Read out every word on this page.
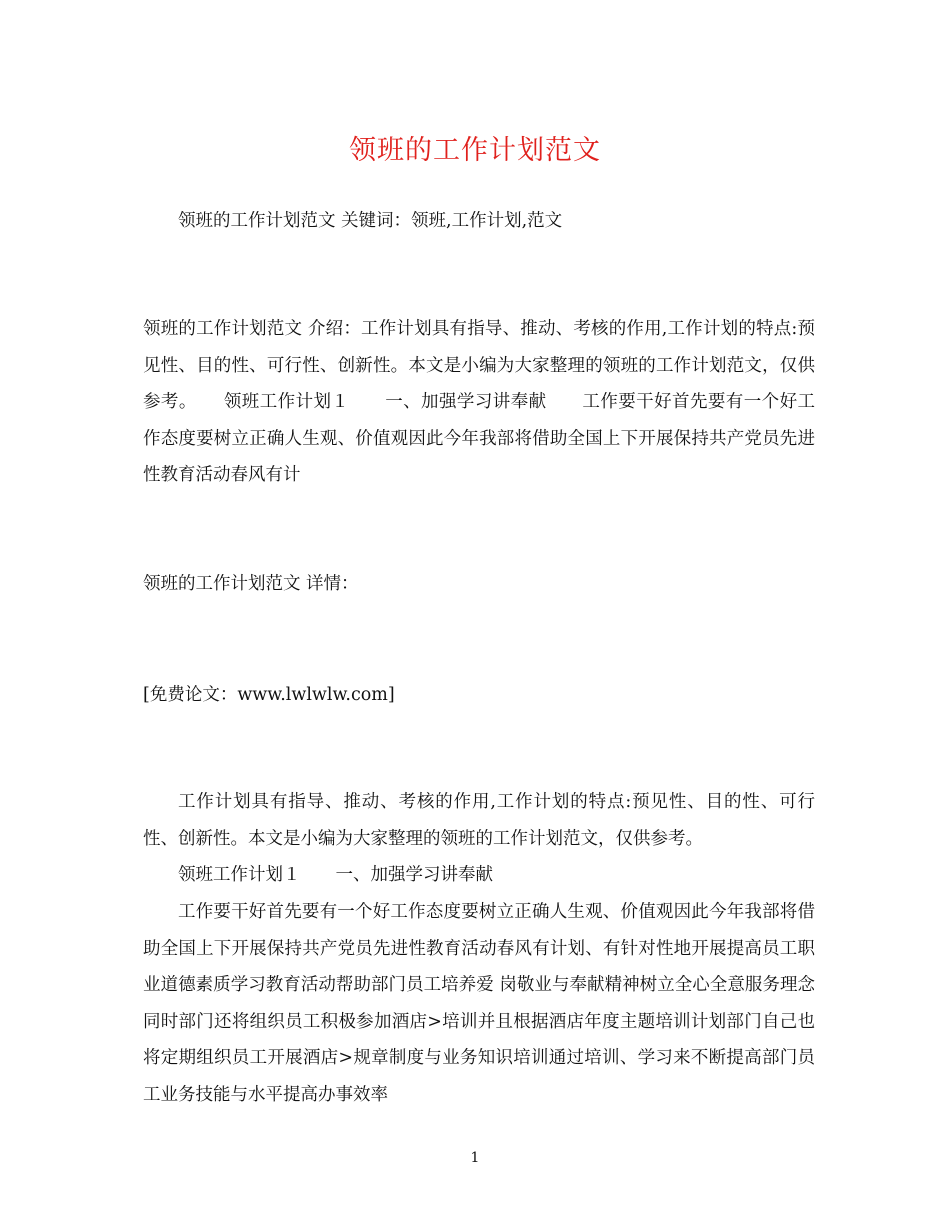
领班的工作计划范文
领班的工作计划范文 关键词：领班,工作计划,范文
领班的工作计划范文 介绍：工作计划具有指导、推动、考核的作用,工作计划的特点:预见性、目的性、可行性、创新性。本文是小编为大家整理的领班的工作计划范文，仅供参考。　　领班工作计划１　　一、加强学习讲奉献　　工作要干好首先要有一个好工作态度要树立正确人生观、价值观因此今年我部将借助全国上下开展保持共产党员先进性教育活动春风有计
领班的工作计划范文 详情：
[免费论文：www.lwlwlw.com]
工作计划具有指导、推动、考核的作用,工作计划的特点:预见性、目的性、可行性、创新性。本文是小编为大家整理的领班的工作计划范文，仅供参考。
领班工作计划１　　一、加强学习讲奉献
工作要干好首先要有一个好工作态度要树立正确人生观、价值观因此今年我部将借助全国上下开展保持共产党员先进性教育活动春风有计划、有针对性地开展提高员工职业道德素质学习教育活动帮助部门员工培养爱 岗敬业与奉献精神树立全心全意服务理念同时部门还将组织员工积极参加酒店>培训并且根据酒店年度主题培训计划部门自己也将定期组织员工开展酒店>规章制度与业务知识培训通过培训、学习来不断提高部门员工业务技能与水平提高办事效率
1
